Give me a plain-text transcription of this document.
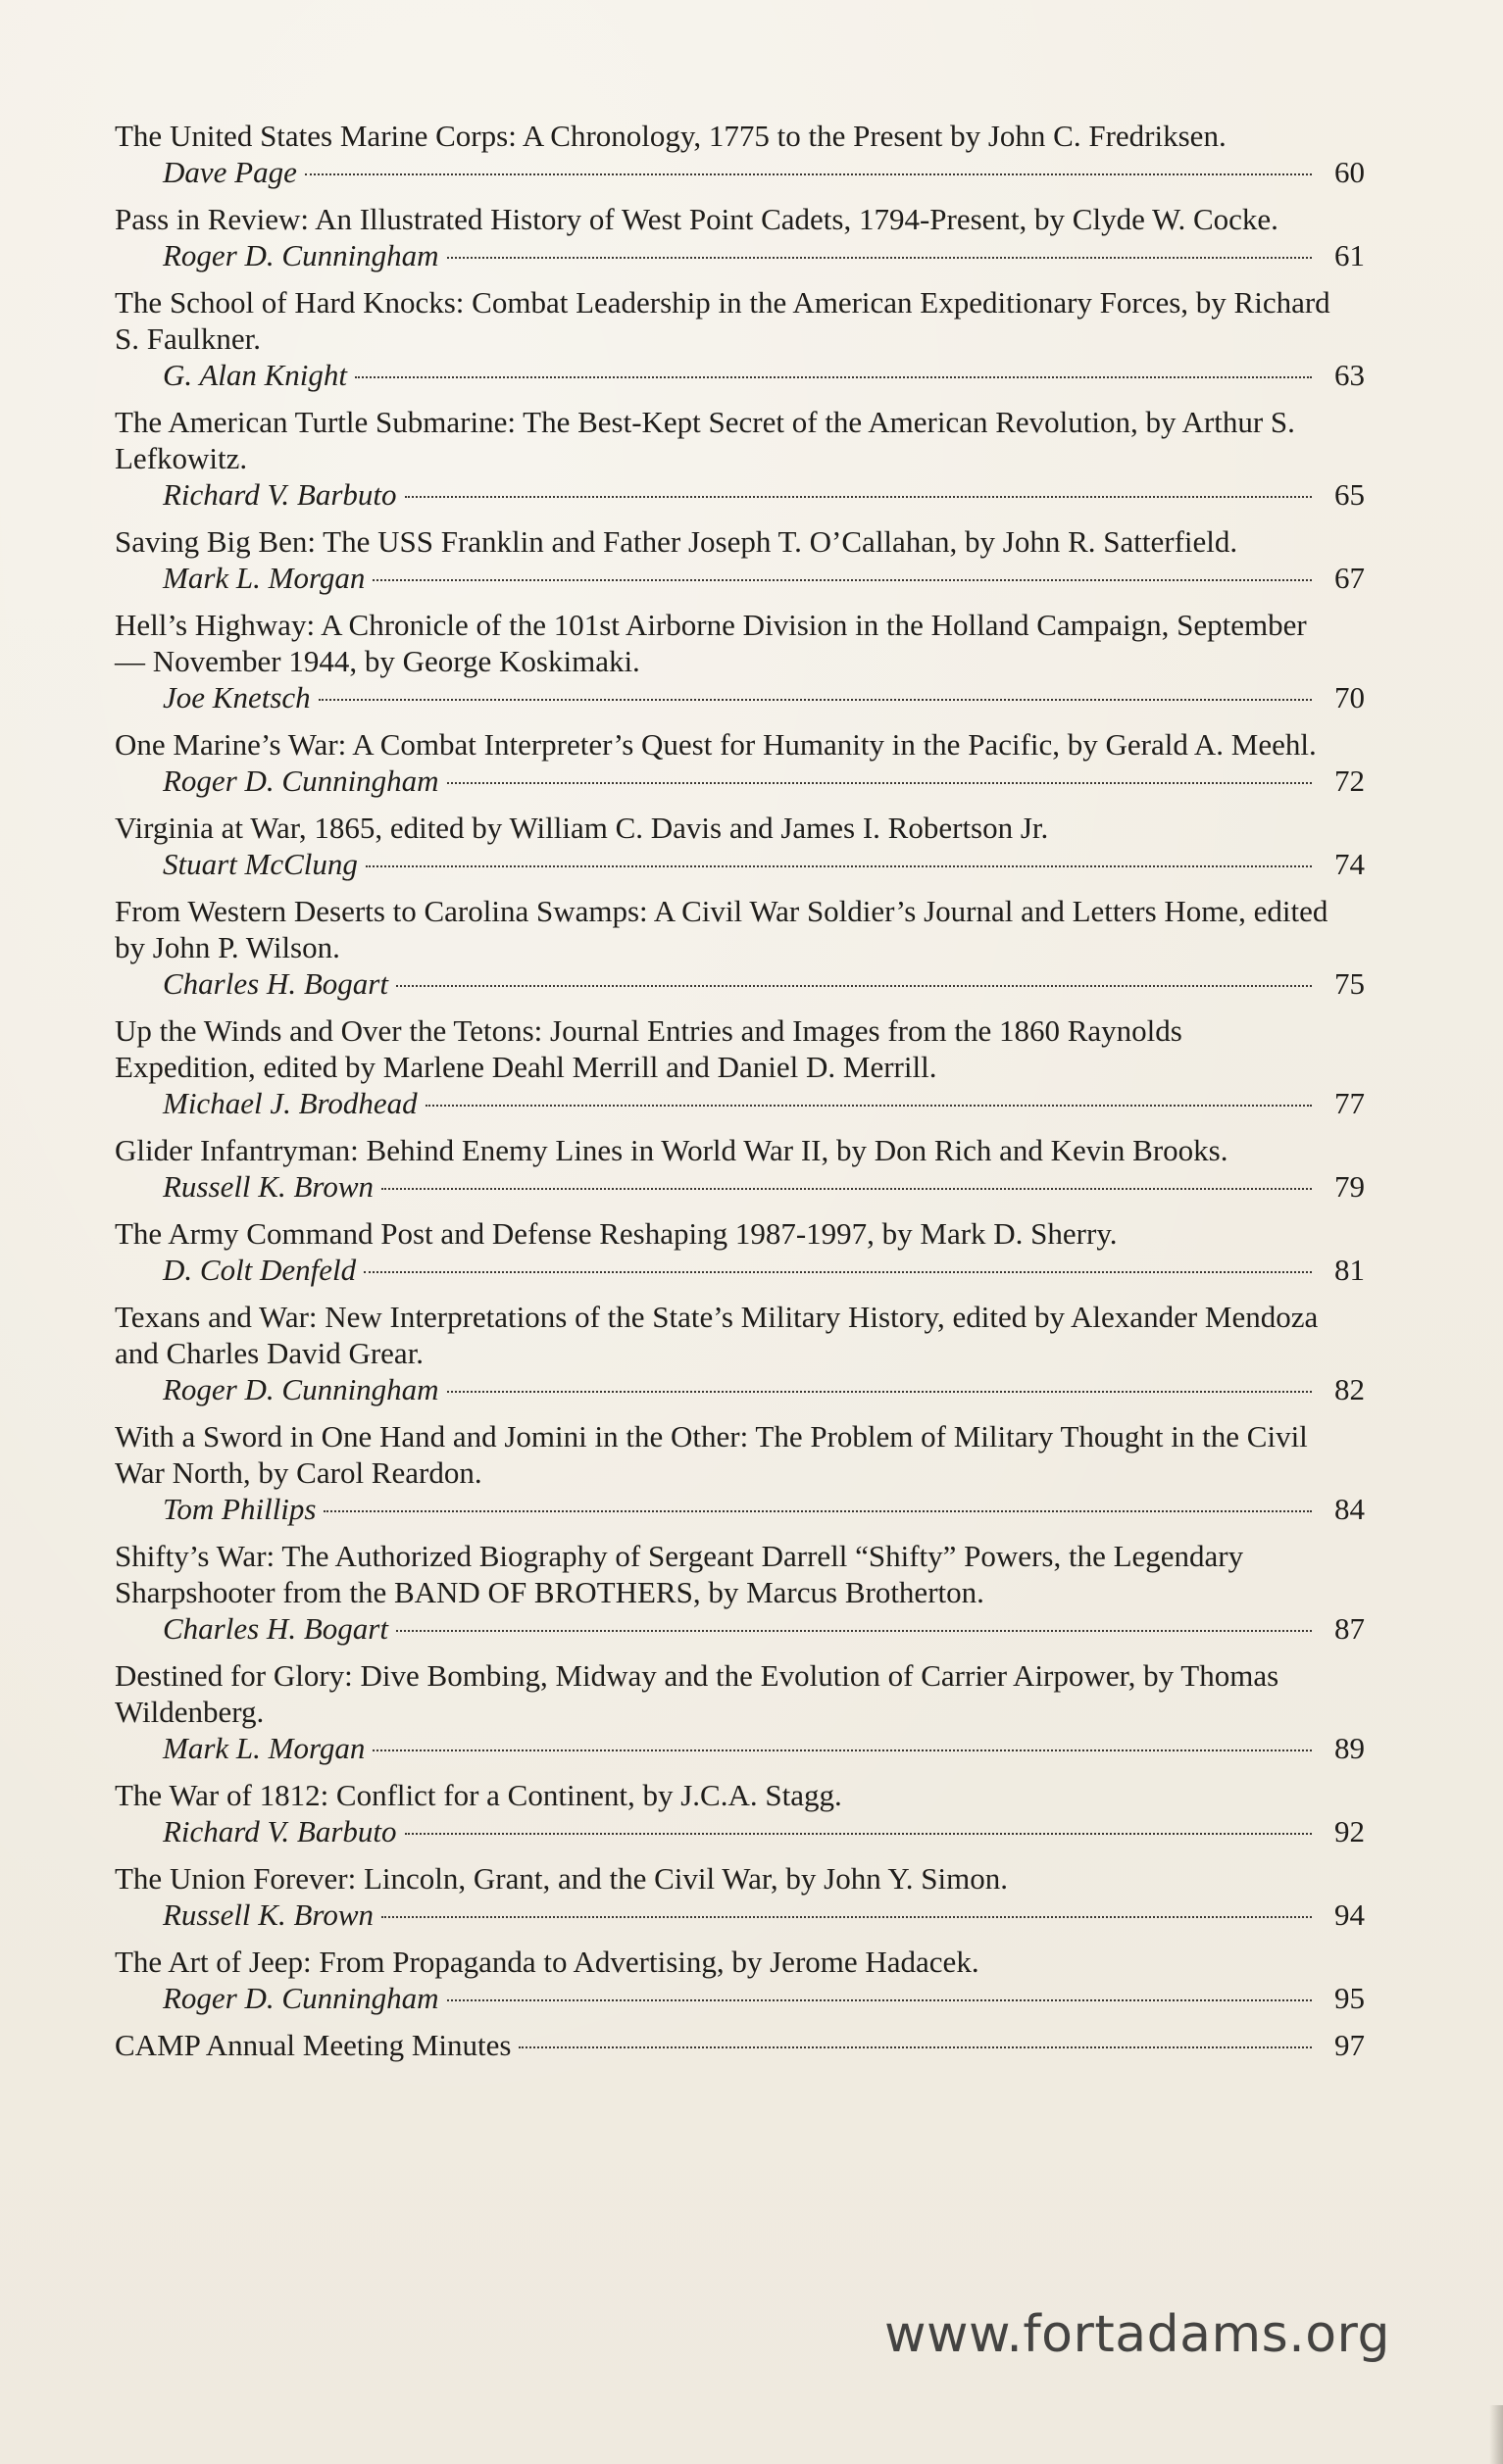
The United States Marine Corps: A Chronology, 1775 to the Present by John C. Fredriksen.
Dave Page	60
Pass in Review: An Illustrated History of West Point Cadets, 1794-Present, by Clyde W. Cocke.
Roger D. Cunningham	61
The School of Hard Knocks: Combat Leadership in the American Expeditionary Forces, by Richard S. Faulkner.
G. Alan Knight	63
The American Turtle Submarine: The Best-Kept Secret of the American Revolution, by Arthur S. Lefkowitz.
Richard V. Barbuto	65
Saving Big Ben: The USS Franklin and Father Joseph T. O’Callahan, by John R. Satterfield.
Mark L. Morgan	67
Hell’s Highway: A Chronicle of the 101st Airborne Division in the Holland Campaign, September — November 1944, by George Koskimaki.
Joe Knetsch	70
One Marine’s War: A Combat Interpreter’s Quest for Humanity in the Pacific, by Gerald A. Meehl.
Roger D. Cunningham	72
Virginia at War, 1865, edited by William C. Davis and James I. Robertson Jr.
Stuart McClung	74
From Western Deserts to Carolina Swamps: A Civil War Soldier’s Journal and Letters Home, edited by John P. Wilson.
Charles H. Bogart	75
Up the Winds and Over the Tetons: Journal Entries and Images from the 1860 Raynolds Expedition, edited by Marlene Deahl Merrill and Daniel D. Merrill.
Michael J. Brodhead	77
Glider Infantryman: Behind Enemy Lines in World War II, by Don Rich and Kevin Brooks.
Russell K. Brown	79
The Army Command Post and Defense Reshaping 1987-1997, by Mark D. Sherry.
D. Colt Denfeld	81
Texans and War: New Interpretations of the State’s Military History, edited by Alexander Mendoza and Charles David Grear.
Roger D. Cunningham	82
With a Sword in One Hand and Jomini in the Other: The Problem of Military Thought in the Civil War North, by Carol Reardon.
Tom Phillips	84
Shifty’s War: The Authorized Biography of Sergeant Darrell “Shifty” Powers, the Legendary Sharpshooter from the BAND OF BROTHERS, by Marcus Brotherton.
Charles H. Bogart	87
Destined for Glory: Dive Bombing, Midway and the Evolution of Carrier Airpower, by Thomas Wildenberg.
Mark L. Morgan	89
The War of 1812: Conflict for a Continent, by J.C.A. Stagg.
Richard V. Barbuto	92
The Union Forever: Lincoln, Grant, and the Civil War, by John Y. Simon.
Russell K. Brown	94
The Art of Jeep: From Propaganda to Advertising, by Jerome Hadacek.
Roger D. Cunningham	95
CAMP Annual Meeting Minutes	97
www.fortadams.org
